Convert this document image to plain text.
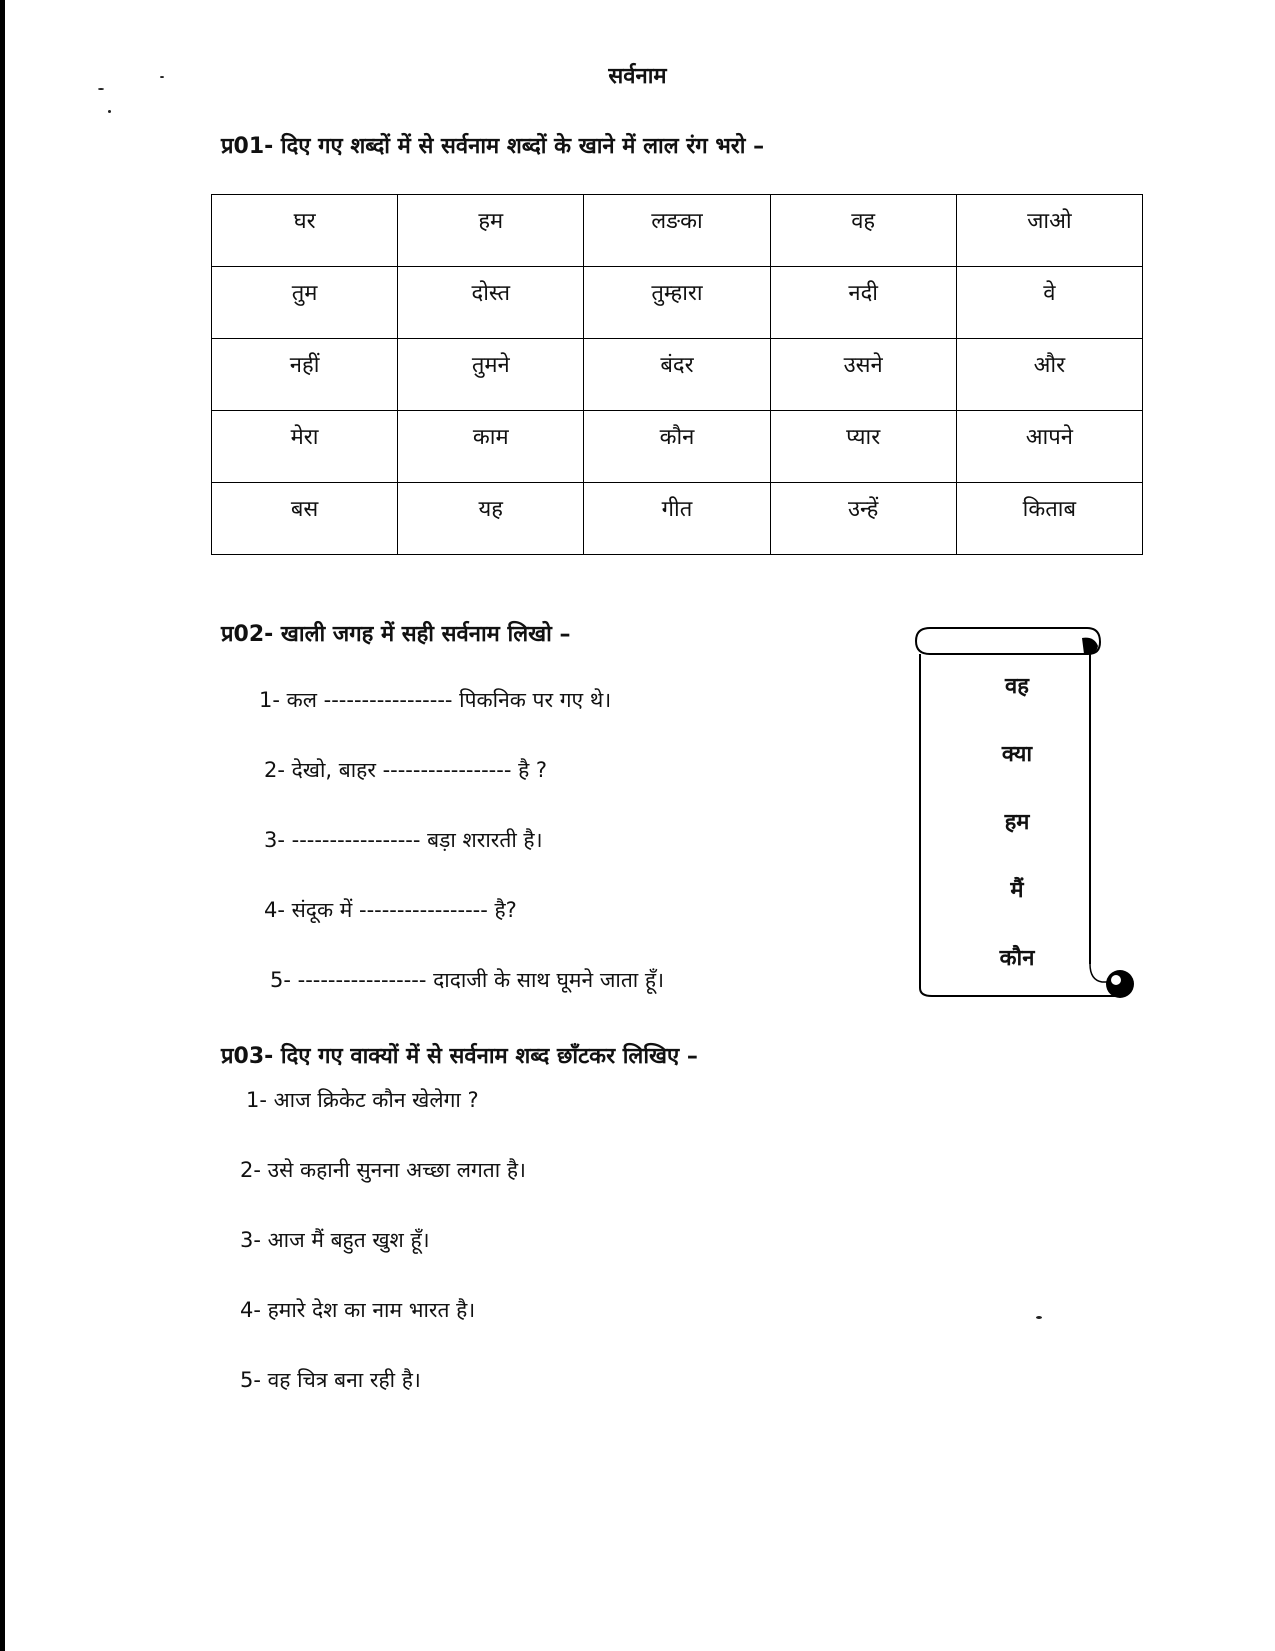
सर्वनाम
प्र01- दिए गए शब्दों में से सर्वनाम शब्दों के खाने में लाल रंग भरो –
घर	हम	लङका	वह	जाओ
तुम	दोस्त	तुम्हारा	नदी	वे
नहीं	तुमने	बंदर	उसने	और
मेरा	काम	कौन	प्यार	आपने
बस	यह	गीत	उन्हें	किताब
प्र02- खाली जगह में सही सर्वनाम लिखो –
1- कल ----------------- पिकनिक पर गए थे।
2- देखो, बाहर ----------------- है ?
3- ----------------- बड़ा शरारती है।
4- संदूक में ----------------- है?
5- ----------------- दादाजी के साथ घूमने जाता हूँ।
वह
क्या
हम
मैं
कौन
प्र03- दिए गए वाक्यों में से सर्वनाम शब्द छाँटकर लिखिए –
1- आज क्रिकेट कौन खेलेगा ?
2- उसे कहानी सुनना अच्छा लगता है।
3- आज मैं बहुत खुश हूँ।
4- हमारे देश का नाम भारत है।
5- वह चित्र बना रही है।
